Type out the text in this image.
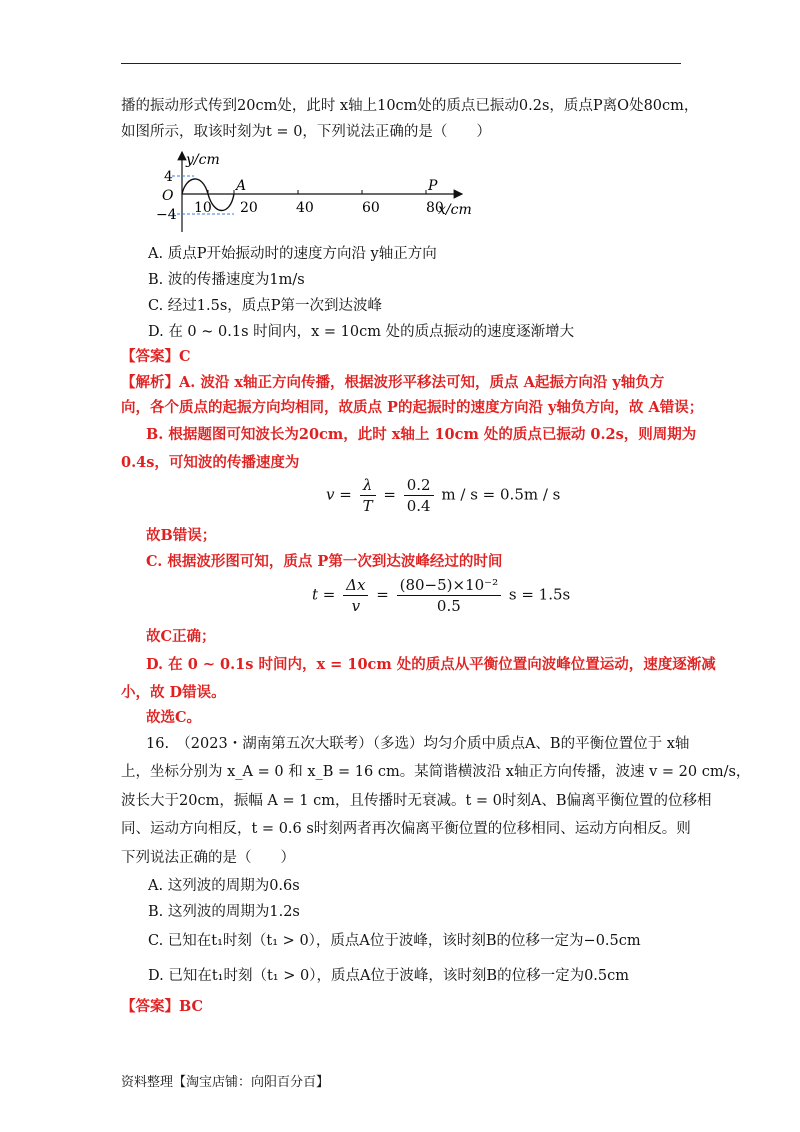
播的振动形式传到20cm处，此时 x轴上10cm处的质点已振动0.2s，质点P离O处80cm，
如图所示，取该时刻为t = 0，下列说法正确的是（　　）
y/cm
x/cm
O
4
−4 10 20	40	60	80
A	P
A. 质点P开始振动时的速度方向沿 y轴正方向
B. 波的传播速度为1m/s
C. 经过1.5s，质点P第一次到达波峰
D. 在 0 ~ 0.1s 时间内，x = 10cm 处的质点振动的速度逐渐增大
【答案】C
【解析】A. 波沿 x轴正方向传播，根据波形平移法可知，质点 A起振方向沿 y轴负方
向，各个质点的起振方向均相同，故质点 P的起振时的速度方向沿 y轴负方向，故 A错误；
B. 根据题图可知波长为20cm，此时 x轴上 10cm 处的质点已振动 0.2s，则周期为
0.4s，可知波的传播速度为
$v = \frac{\lambda}{T} = \frac{0.2}{0.4}$ m / s = 0.5m / s
故B错误；
C. 根据波形图可知，质点 P第一次到达波峰经过的时间
$t = \frac{\Delta x}{v} = \frac{\text{(80−5)×10⁻²}}{0.5}$ s = 1.5s
故C正确；
D. 在 0 ~ 0.1s 时间内，x = 10cm 处的质点从平衡位置向波峰位置运动，速度逐渐减
小，故 D错误。
故选C。
16.　（2023・湖南第五次大联考）（多选）均匀介质中质点A、B的平衡位置位于 x轴
上，坐标分别为 x_A = 0 和 x_B = 16 cm。某简谐横波沿 x轴正方向传播，波速 v = 20 cm/s，
波长大于20cm，振幅 A = 1 cm，且传播时无衰减。t = 0时刻A、B偏离平衡位置的位移相
同、运动方向相反，t = 0.6 s时刻两者再次偏离平衡位置的位移相同、运动方向相反。则
下列说法正确的是（　　）
A. 这列波的周期为0.6s
B. 这列波的周期为1.2s
C. 已知在t₁时刻（t₁ > 0），质点A位于波峰，该时刻B的位移一定为−0.5cm
D. 已知在t₁时刻（t₁ > 0），质点A位于波峰，该时刻B的位移一定为0.5cm
【答案】BC
资料整理【淘宝店铺：向阳百分百】
